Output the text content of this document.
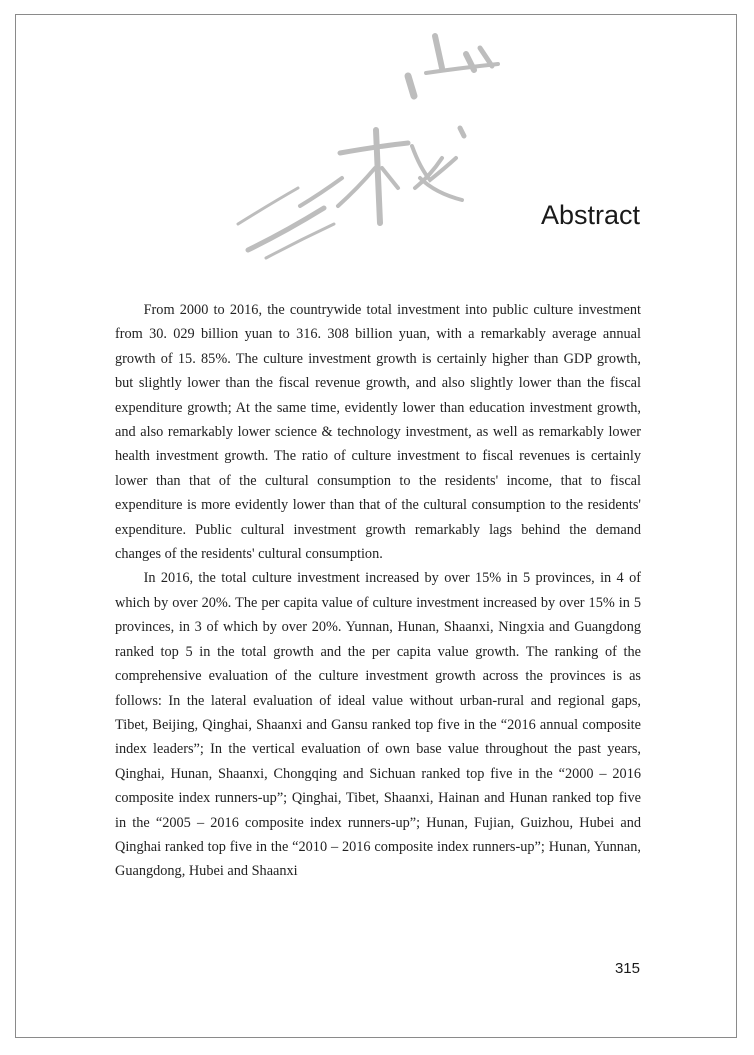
Abstract

From 2000 to 2016, the countrywide total investment into public culture investment from 30. 029 billion yuan to 316. 308 billion yuan, with a remarkably average annual growth of 15. 85%. The culture investment growth is certainly higher than GDP growth, but slightly lower than the fiscal revenue growth, and also slightly lower than the fiscal expenditure growth; At the same time, evidently lower than education investment growth, and also remarkably lower science & technology investment, as well as remarkably lower health investment growth. The ratio of culture investment to fiscal revenues is certainly lower than that of the cultural consumption to the residents' income, that to fiscal expenditure is more evidently lower than that of the cultural consumption to the residents' expenditure. Public cultural investment growth remarkably lags behind the demand changes of the residents' cultural consumption.

In 2016, the total culture investment increased by over 15% in 5 provinces, in 4 of which by over 20%. The per capita value of culture investment increased by over 15% in 5 provinces, in 3 of which by over 20%. Yunnan, Hunan, Shaanxi, Ningxia and Guangdong ranked top 5 in the total growth and the per capita value growth. The ranking of the comprehensive evaluation of the culture investment growth across the provinces is as follows: In the lateral evaluation of ideal value without urban-rural and regional gaps, Tibet, Beijing, Qinghai, Shaanxi and Gansu ranked top five in the “2016 annual composite index leaders”; In the vertical evaluation of own base value throughout the past years, Qinghai, Hunan, Shaanxi, Chongqing and Sichuan ranked top five in the “2000 – 2016 composite index runners-up”; Qinghai, Tibet, Shaanxi, Hainan and Hunan ranked top five in the “2005 – 2016 composite index runners-up”; Hunan, Fujian, Guizhou, Hubei and Qinghai ranked top five in the “2010 – 2016 composite index runners-up”; Hunan, Yunnan, Guangdong, Hubei and Shaanxi

315
